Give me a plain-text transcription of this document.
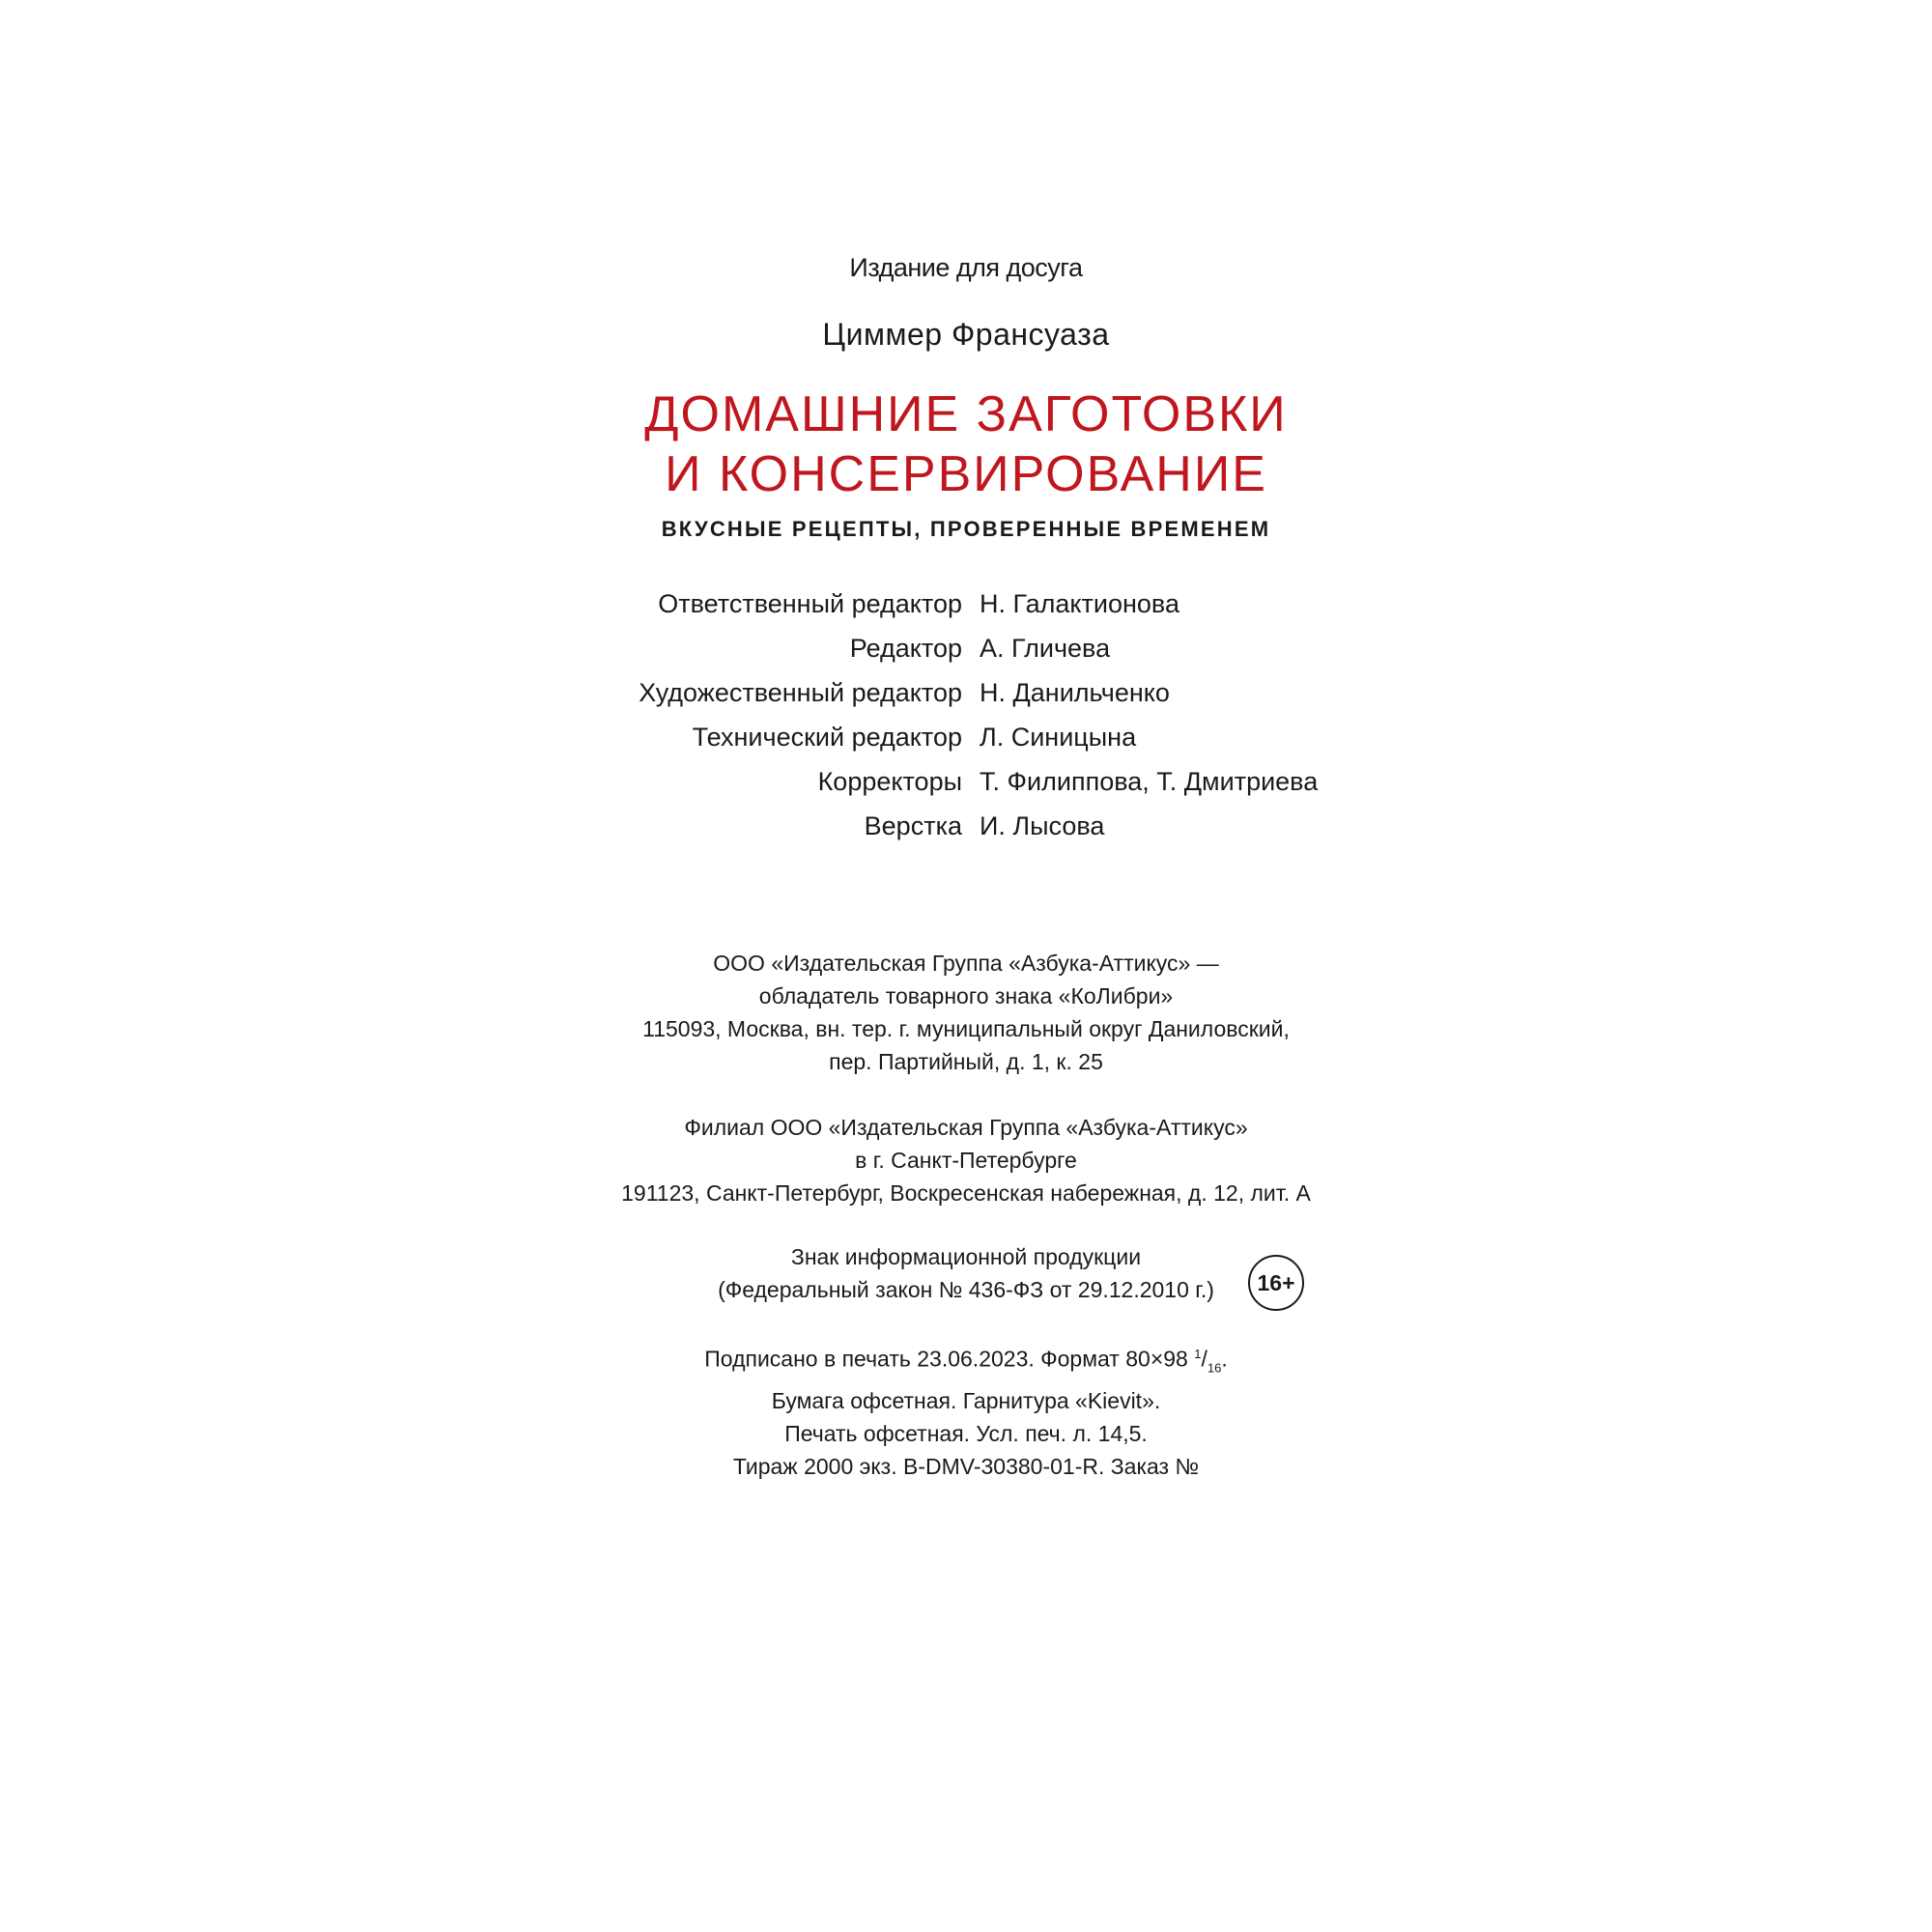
Издание для досуга
Циммер Франсуаза
ДОМАШНИЕ ЗАГОТОВКИ
И КОНСЕРВИРОВАНИЕ
ВКУСНЫЕ РЕЦЕПТЫ, ПРОВЕРЕННЫЕ ВРЕМЕНЕМ
Ответственный редактор Н. Галактионова
Редактор А. Гличева
Художественный редактор Н. Данильченко
Технический редактор Л. Синицына
Корректоры Т. Филиппова, Т. Дмитриева
Верстка И. Лысова
ООО «Издательская Группа «Азбука-Аттикус» —
обладатель товарного знака «КоЛибри»
115093, Москва, вн. тер. г. муниципальный округ Даниловский,
пер. Партийный, д. 1, к. 25
Филиал ООО «Издательская Группа «Азбука-Аттикус»
в г. Санкт-Петербурге
191123, Санкт-Петербург, Воскресенская набережная, д. 12, лит. А
Знак информационной продукции
(Федеральный закон № 436-ФЗ от 29.12.2010 г.)	16+
Подписано в печать 23.06.2023. Формат 80×98 $^1/_{16}$.
Бумага офсетная. Гарнитура «Kievit».
Печать офсетная. Усл. печ. л. 14,5.
Тираж 2000 экз. B-DMV-30380-01-R. Заказ №
